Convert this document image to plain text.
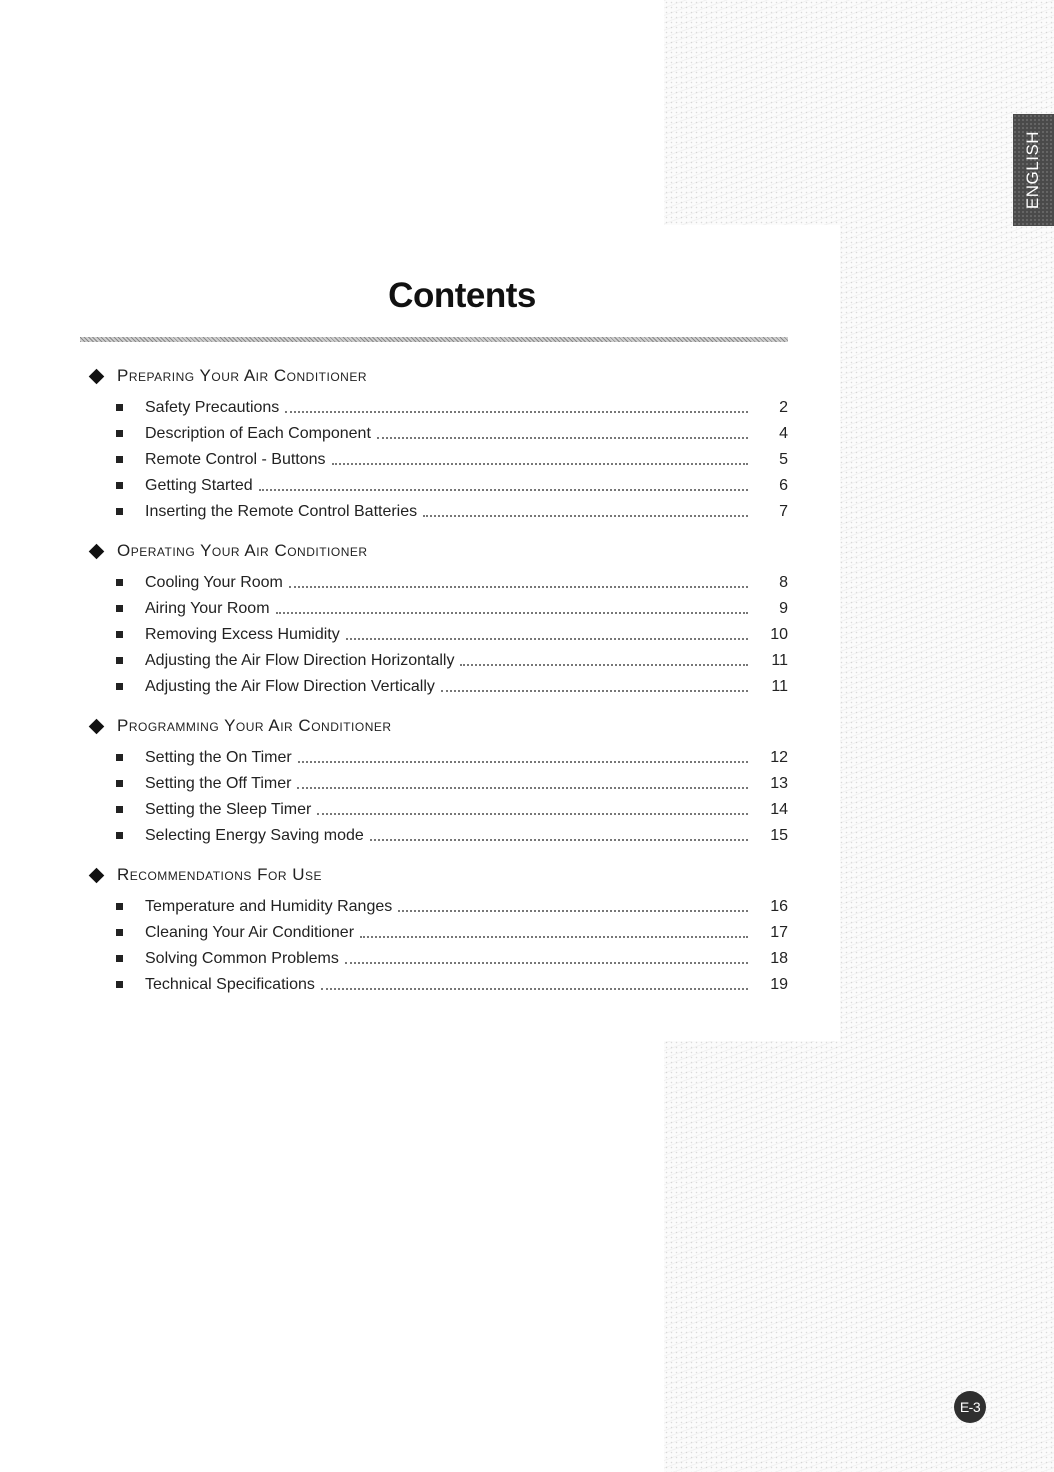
ENGLISH
Contents
Preparing Your Air Conditioner
Safety Precautions	2
Description of Each Component	4
Remote Control - Buttons	5
Getting Started	6
Inserting the Remote Control Batteries	7
Operating Your Air Conditioner
Cooling Your Room	8
Airing Your Room	9
Removing Excess Humidity	10
Adjusting the Air Flow Direction Horizontally	11
Adjusting the Air Flow Direction Vertically	11
Programming Your Air Conditioner
Setting the On Timer	12
Setting the Off Timer	13
Setting the Sleep Timer	14
Selecting Energy Saving mode	15
Recommendations For Use
Temperature and Humidity Ranges	16
Cleaning Your Air Conditioner	17
Solving Common Problems	18
Technical Specifications	19
E-3
